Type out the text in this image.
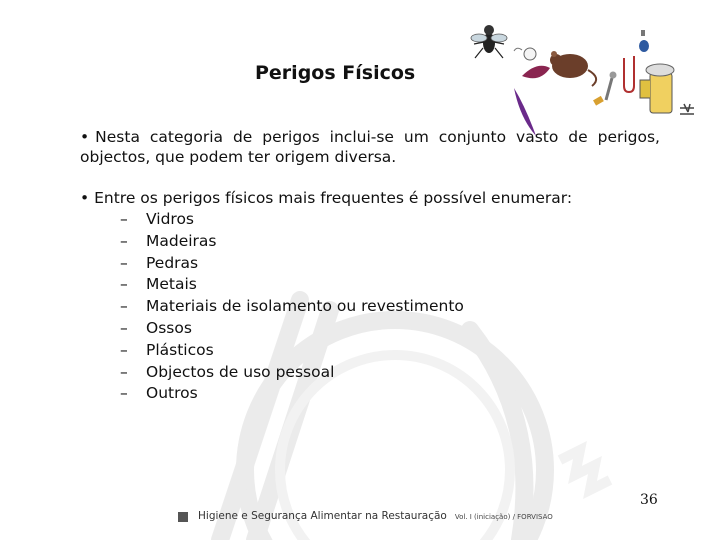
Perigos Físicos
• Nesta categoria de perigos inclui-se um conjunto vasto de perigos, objectos, que podem ter origem diversa.
• Entre os perigos físicos mais frequentes é possível enumerar:
– Vidros
– Madeiras
– Pedras
– Metais
– Materiais de isolamento ou revestimento
– Ossos
– Plásticos
– Objectos de uso pessoal
– Outros
36
Higiene e Segurança Alimentar na Restauração Vol. I (iniciação) / FORVISAO
